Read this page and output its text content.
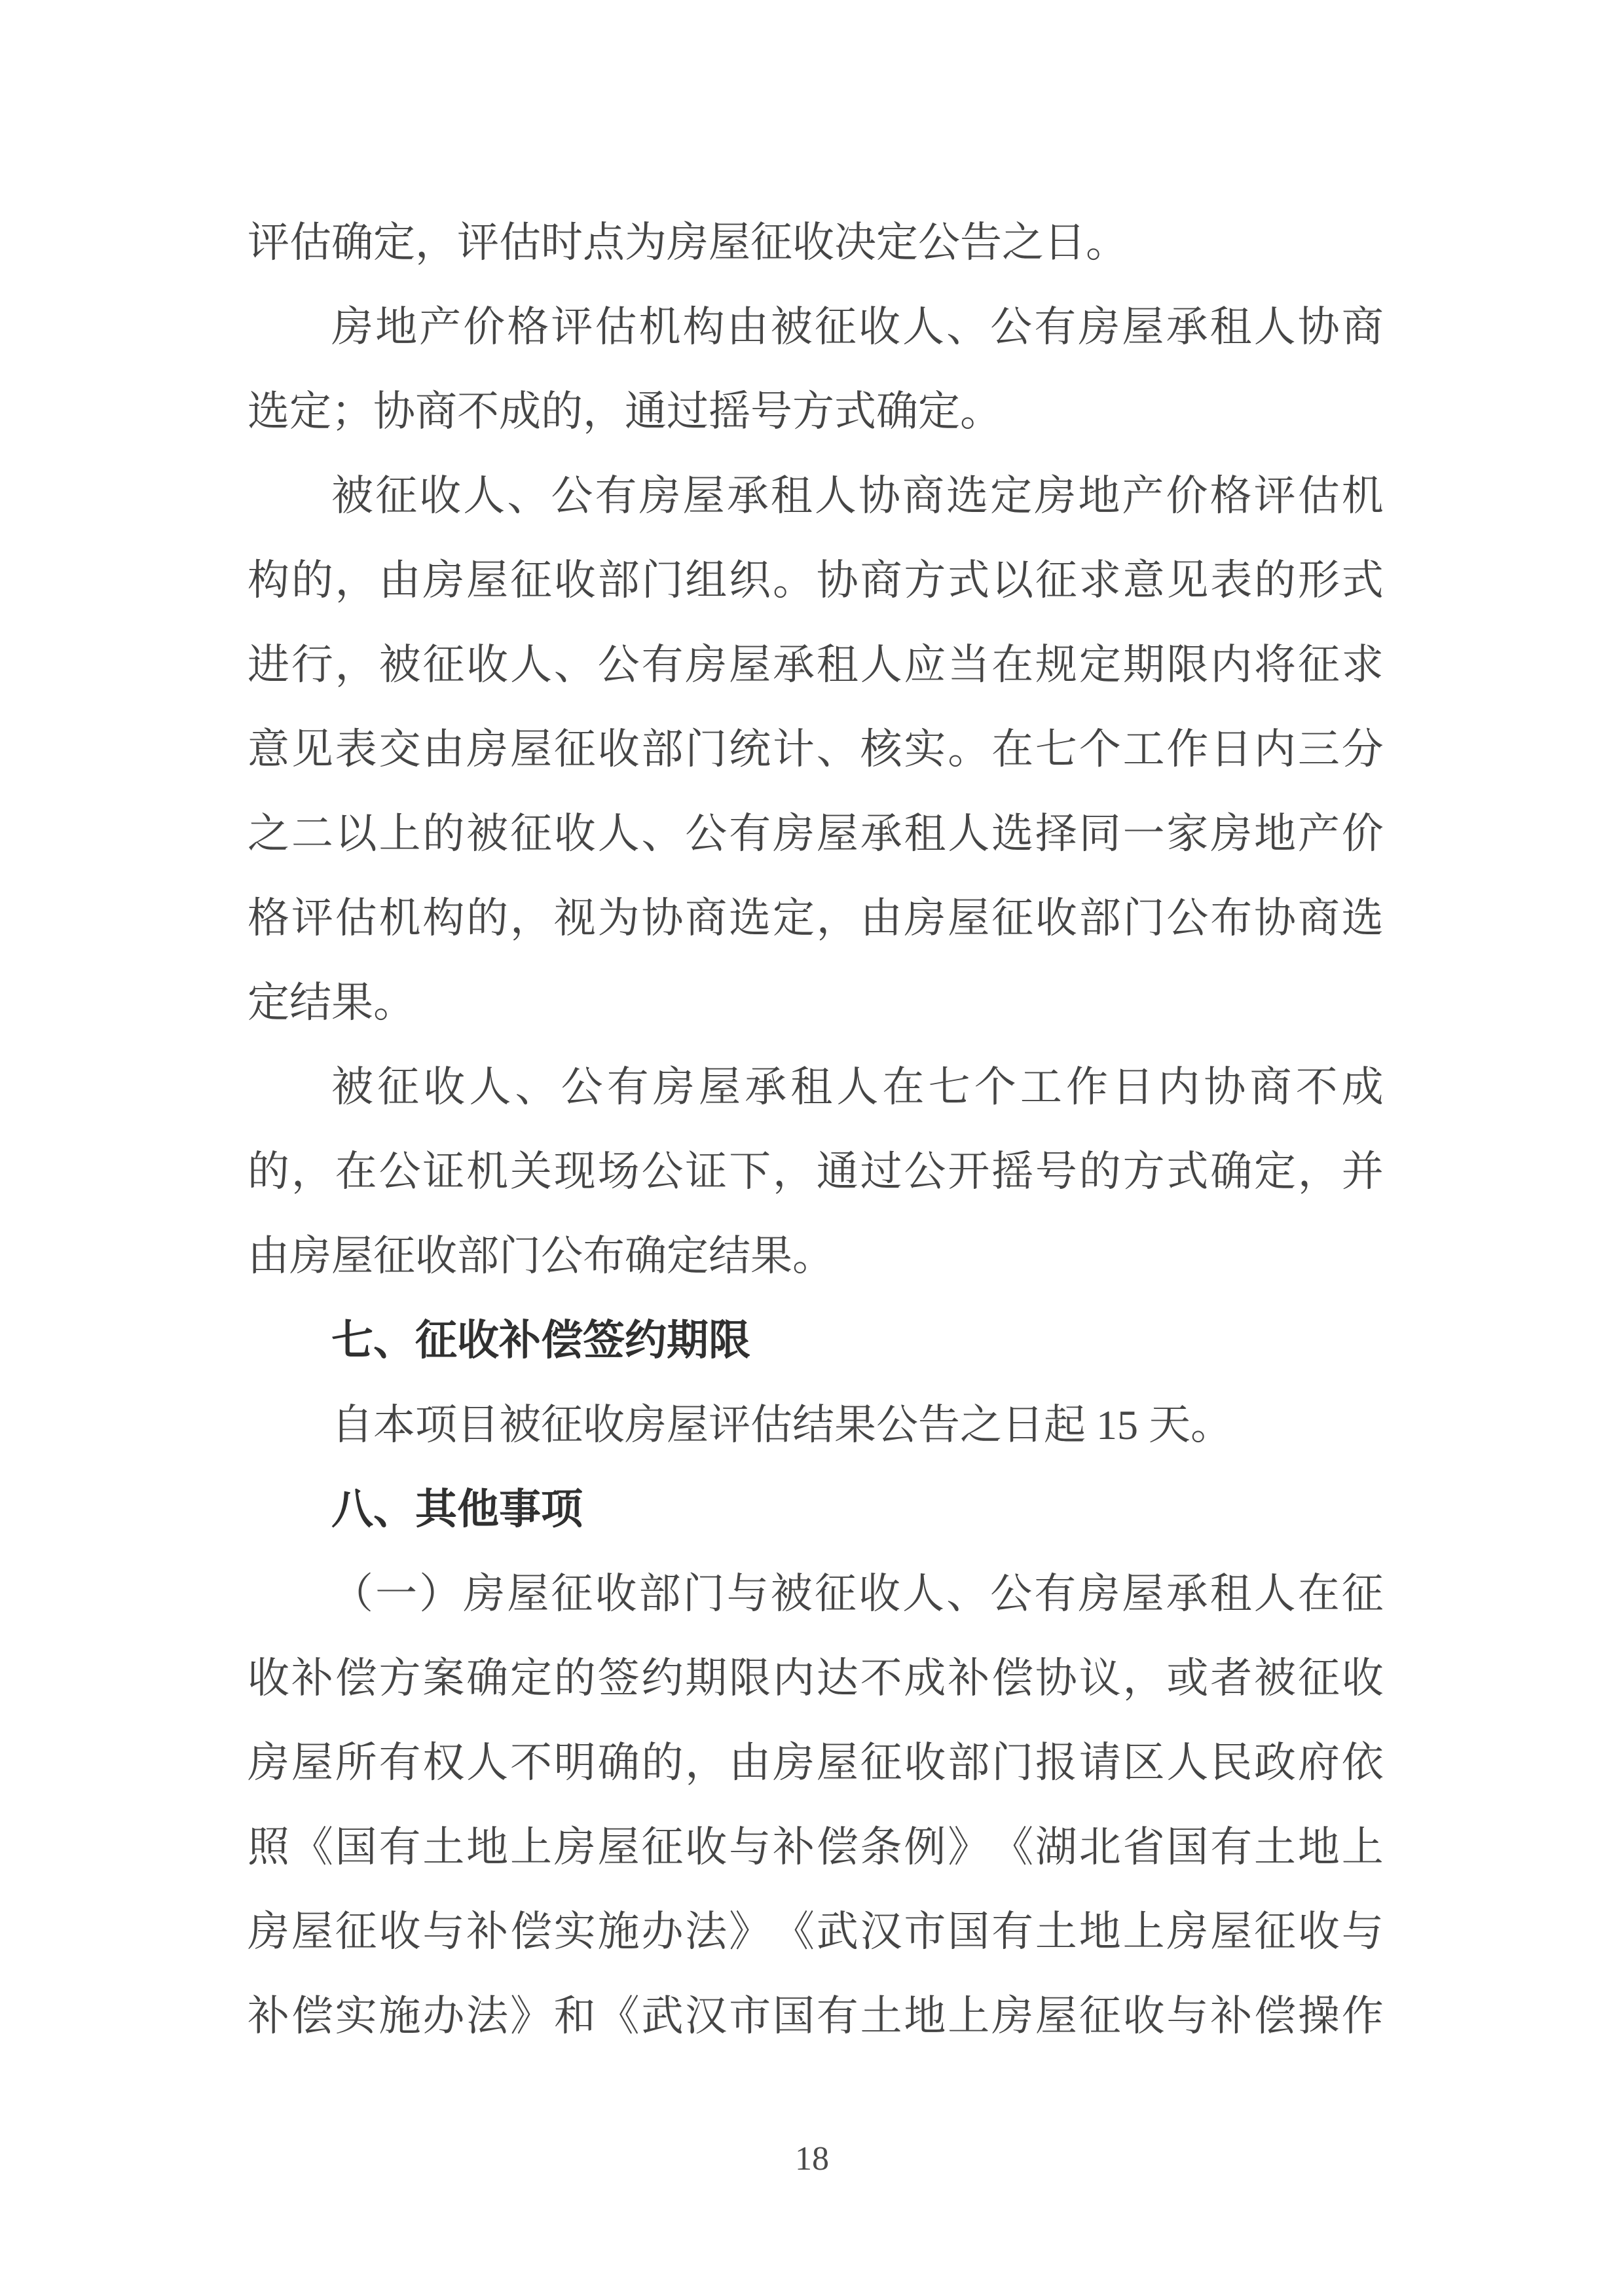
评估确定，评估时点为房屋征收决定公告之日。
房 地 产 价 格 评 估 机 构 由 被 征 收 人 、 公 有 房 屋 承 租 人 协 商
选定；协商不成的，通过摇号方式确定。
被 征 收 人 、 公 有 房 屋 承 租 人 协 商 选 定 房 地 产 价 格 评 估 机
构 的 ， 由 房 屋 征 收 部 门 组 织 。 协 商 方 式 以 征 求 意 见 表 的 形 式
进 行 ， 被 征 收 人 、 公 有 房 屋 承 租 人 应 当 在 规 定 期 限 内 将 征 求
意 见 表 交 由 房 屋 征 收 部 门 统 计 、 核 实 。 在 七 个 工 作 日 内 三 分
之 二 以 上 的 被 征 收 人 、 公 有 房 屋 承 租 人 选 择 同 一 家 房 地 产 价
格 评 估 机 构 的 ， 视 为 协 商 选 定 ， 由 房 屋 征 收 部 门 公 布 协 商 选
定结果。
被 征 收 人 、 公 有 房 屋 承 租 人 在 七 个 工 作 日 内 协 商 不 成
的 ， 在 公 证 机 关 现 场 公 证 下 ， 通 过 公 开 摇 号 的 方 式 确 定 ， 并
由房屋征收部门公布确定结果。
七、征收补偿签约期限
自本项目被征收房屋评估结果公告之日起 15 天。
八、其他事项
（ 一 ） 房 屋 征 收 部 门 与 被 征 收 人 、 公 有 房 屋 承 租 人 在 征
收 补 偿 方 案 确 定 的 签 约 期 限 内 达 不 成 补 偿 协 议 ， 或 者 被 征 收
房 屋 所 有 权 人 不 明 确 的 ， 由 房 屋 征 收 部 门 报 请 区 人 民 政 府 依
照 《 国 有 土 地 上 房 屋 征 收 与 补 偿 条 例 》 《 湖 北 省 国 有 土 地 上
房 屋 征 收 与 补 偿 实 施 办 法 》 《 武 汉 市 国 有 土 地 上 房 屋 征 收 与
补 偿 实 施 办 法 》 和 《 武 汉 市 国 有 土 地 上 房 屋 征 收 与 补 偿 操 作
18
